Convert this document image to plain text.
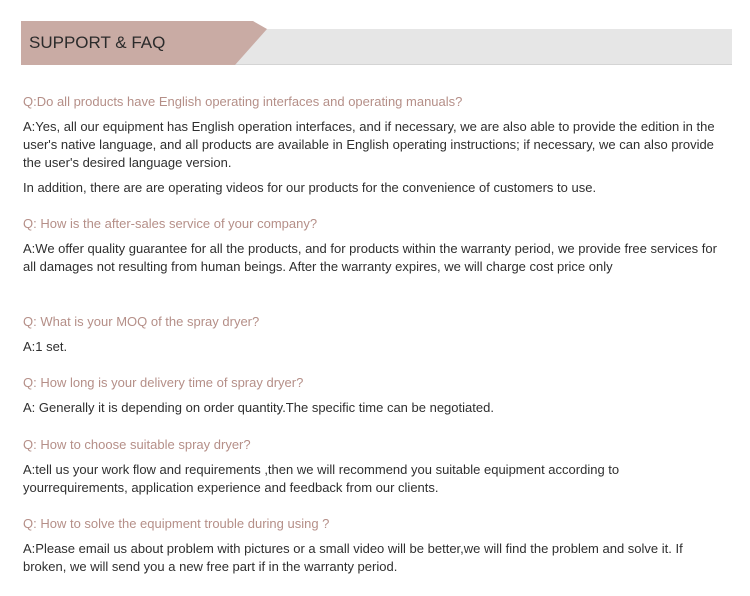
SUPPORT & FAQ
Q:Do all products have English operating interfaces and operating manuals?
A:Yes, all our equipment has English operation interfaces, and if necessary, we are also able to provide the edition in the user's native language, and all products are available in English operating instructions; if necessary, we can also provide the user's desired language version.
In addition, there are are operating videos for our products for the convenience of customers to use.
Q: How is the after-sales service of your company?
A:We offer quality guarantee for all the products, and for products within the warranty period, we provide free services for all damages not resulting from human beings. After the warranty expires, we will charge cost price only
Q: What is your MOQ of the spray dryer?
A:1 set.
Q: How long is your delivery time of spray dryer?
A: Generally it is depending on order quantity.The specific time can be negotiated.
Q: How to choose suitable spray dryer?
A:tell us your work flow and requirements ,then we will recommend you suitable equipment according to yourrequirements, application experience and feedback from our clients.
Q: How to solve the equipment trouble during using ?
A:Please email us about problem with pictures or a small video will be better,we will find the problem and solve it. If broken, we will send you a new free part if in the warranty period.
